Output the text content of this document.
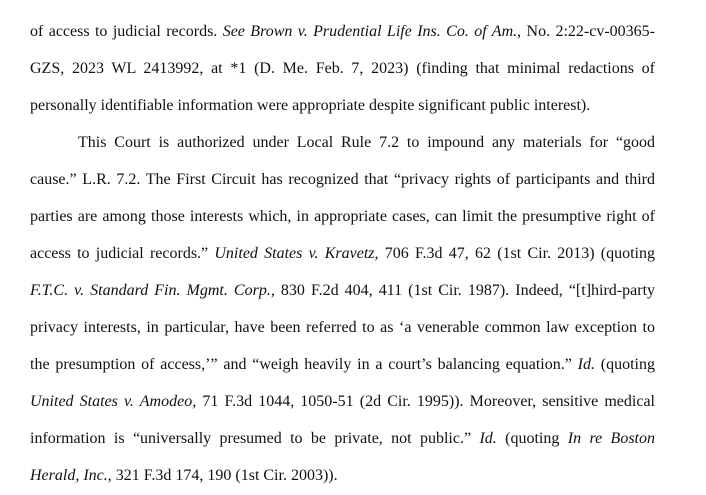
of access to judicial records. See Brown v. Prudential Life Ins. Co. of Am., No. 2:22-cv-00365-
GZS, 2023 WL 2413992, at *1 (D. Me. Feb. 7, 2023) (finding that minimal redactions of
personally identifiable information were appropriate despite significant public interest).
This Court is authorized under Local Rule 7.2 to impound any materials for “good
cause.” L.R. 7.2. The First Circuit has recognized that “privacy rights of participants and third
parties are among those interests which, in appropriate cases, can limit the presumptive right of
access to judicial records.” United States v. Kravetz, 706 F.3d 47, 62 (1st Cir. 2013) (quoting
F.T.C. v. Standard Fin. Mgmt. Corp., 830 F.2d 404, 411 (1st Cir. 1987). Indeed, “[t]hird-party
privacy interests, in particular, have been referred to as ‘a venerable common law exception to
the presumption of access,’” and “weigh heavily in a court’s balancing equation.” Id. (quoting
United States v. Amodeo, 71 F.3d 1044, 1050-51 (2d Cir. 1995)). Moreover, sensitive medical
information is “universally presumed to be private, not public.” Id. (quoting In re Boston
Herald, Inc., 321 F.3d 174, 190 (1st Cir. 2003)).
